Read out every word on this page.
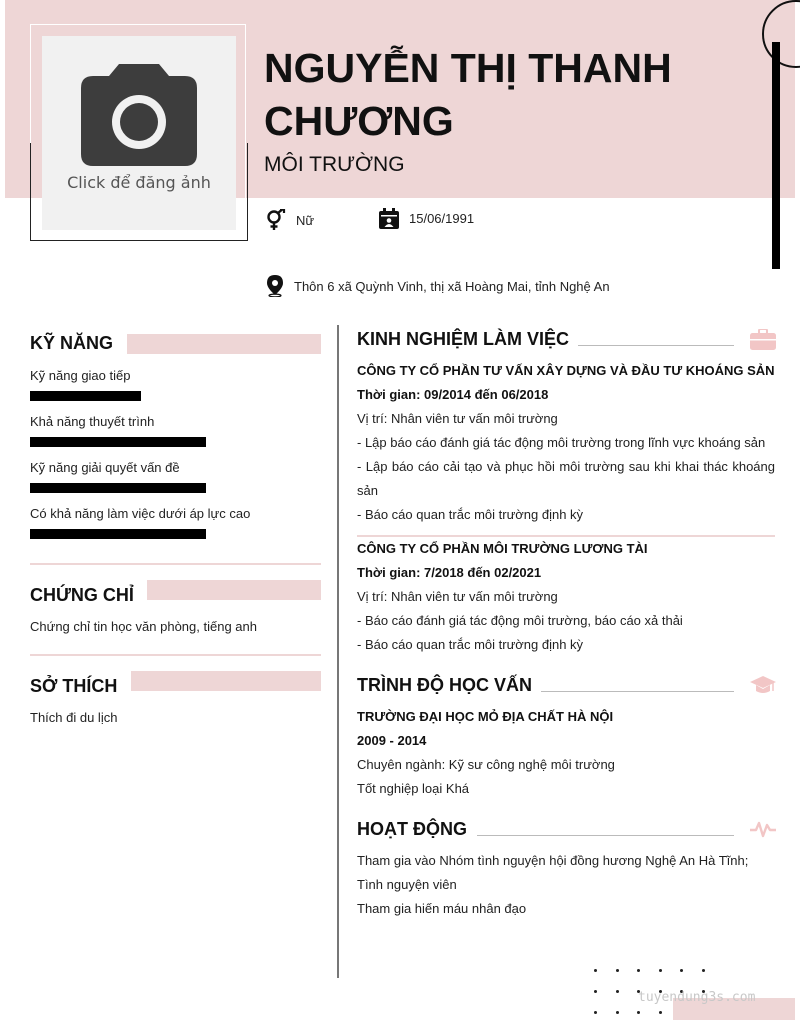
Click để đăng ảnh
NGUYỄN THỊ THANH CHƯƠNG
MÔI TRƯỜNG
Nữ	15/06/1991
Thôn 6 xã Quỳnh Vinh, thị xã Hoàng Mai, tỉnh Nghệ An
KỸ NĂNG
Kỹ năng giao tiếp
Khả năng thuyết trình
Kỹ năng giải quyết vấn đề
Có khả năng làm việc dưới áp lực cao
CHỨNG CHỈ
Chứng chỉ tin học văn phòng, tiếng anh
SỞ THÍCH
Thích đi du lịch
KINH NGHIỆM LÀM VIỆC
CÔNG TY CỔ PHẦN TƯ VẤN XÂY DỰNG VÀ ĐẦU TƯ KHOÁNG SẢN
Thời gian: 09/2014 đến 06/2018
Vị trí: Nhân viên tư vấn môi trường
- Lập báo cáo đánh giá tác động môi trường trong lĩnh vực khoáng sản
- Lập báo cáo cải tạo và phục hồi môi trường sau khi khai thác khoáng
sản
- Báo cáo quan trắc môi trường định kỳ
CÔNG TY CỔ PHẦN MÔI TRƯỜNG LƯƠNG TÀI
Thời gian: 7/2018 đến 02/2021
Vị trí: Nhân viên tư vấn môi trường
- Báo cáo đánh giá tác động môi trường, báo cáo xả thải
- Báo cáo quan trắc môi trường định kỳ
TRÌNH ĐỘ HỌC VẤN
TRƯỜNG ĐẠI HỌC MỎ ĐỊA CHẤT HÀ NỘI
2009 - 2014
Chuyên ngành: Kỹ sư công nghệ môi trường
Tốt nghiệp loại Khá
HOẠT ĐỘNG
Tham gia vào Nhóm tình nguyện hội đồng hương Nghệ An Hà Tĩnh;
Tình nguyện viên
Tham gia hiến máu nhân đạo
tuyendung3s.com
